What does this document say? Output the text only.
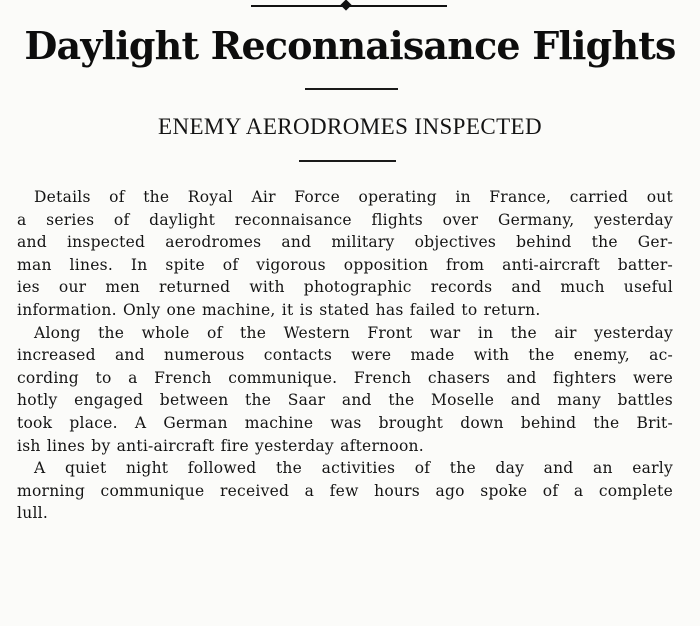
Daylight Reconnaisance Flights
ENEMY AERODROMES INSPECTED
Details of the Royal Air Force operating in France, carried out
a series of daylight reconnaisance flights over Germany, yesterday
and inspected aerodromes and military objectives behind the Ger-
man lines. In spite of vigorous opposition from anti-aircraft batter-
ies our men returned with photographic records and much useful
information. Only one machine, it is stated has failed to return.
Along the whole of the Western Front war in the air yesterday
increased and numerous contacts were made with the enemy, ac-
cording to a French communique. French chasers and fighters were
hotly engaged between the Saar and the Moselle and many battles
took place. A German machine was brought down behind the Brit-
ish lines by anti-aircraft fire yesterday afternoon.
A quiet night followed the activities of the day and an early
morning communique received a few hours ago spoke of a complete
lull.
